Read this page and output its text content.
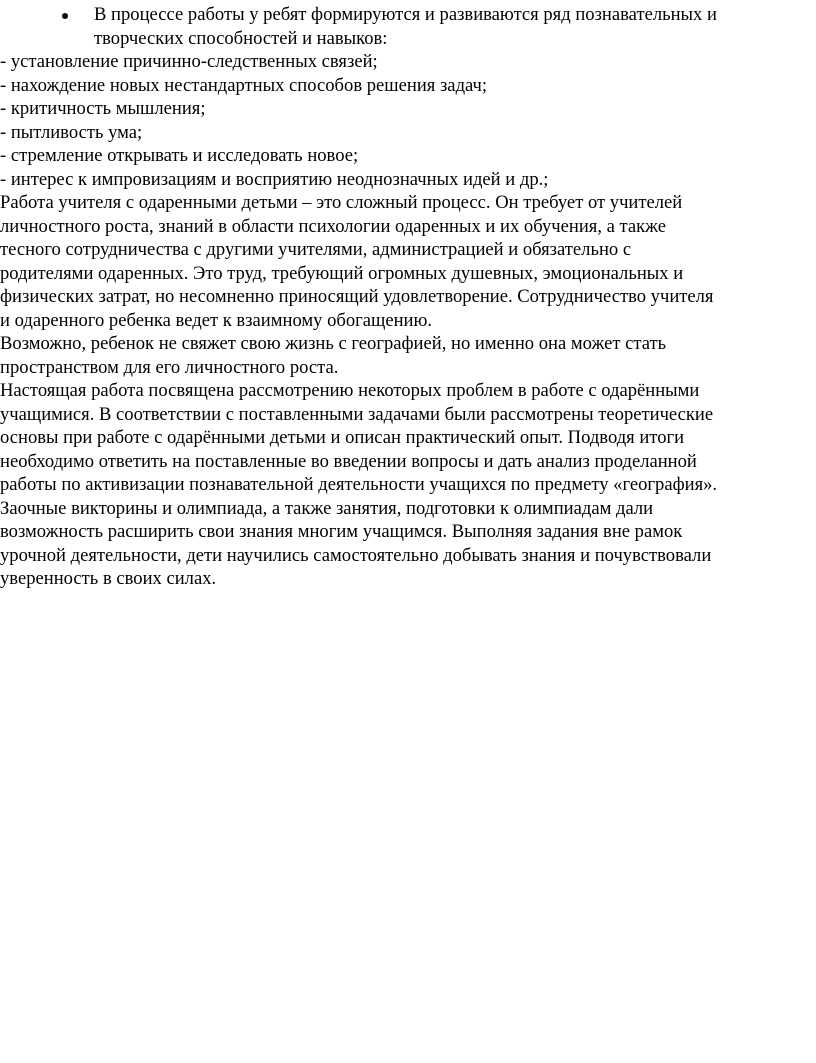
В процессе работы у ребят формируются и развиваются ряд познавательных и
творческих способностей и навыков:
- установление причинно-следственных связей;
- нахождение новых нестандартных способов решения задач;
- критичность мышления;
- пытливость ума;
- стремление открывать и исследовать новое;
- интерес к импровизациям и восприятию неоднозначных идей и др.;
Работа учителя с одаренными детьми – это сложный процесс. Он требует от учителей
личностного роста, знаний в области психологии одаренных и их обучения, а также
тесного сотрудничества с другими учителями, администрацией и обязательно с
родителями одаренных. Это труд, требующий огромных душевных, эмоциональных и
физических затрат, но несомненно приносящий удовлетворение. Сотрудничество учителя
и одаренного ребенка ведет к взаимному обогащению.
Возможно, ребенок не свяжет свою жизнь с географией, но именно она может стать
пространством для его личностного роста.
Настоящая работа посвящена рассмотрению некоторых проблем в работе с одарёнными
учащимися. В соответствии с поставленными задачами были рассмотрены теоретические
основы при работе с одарёнными детьми и описан практический опыт. Подводя итоги
необходимо ответить на поставленные во введении вопросы и дать анализ проделанной
работы по активизации познавательной деятельности учащихся по предмету «география».
Заочные викторины и олимпиада, а также занятия, подготовки к олимпиадам дали
возможность расширить свои знания многим учащимся. Выполняя задания вне рамок
урочной деятельности, дети научились самостоятельно добывать знания и почувствовали
уверенность в своих силах.
